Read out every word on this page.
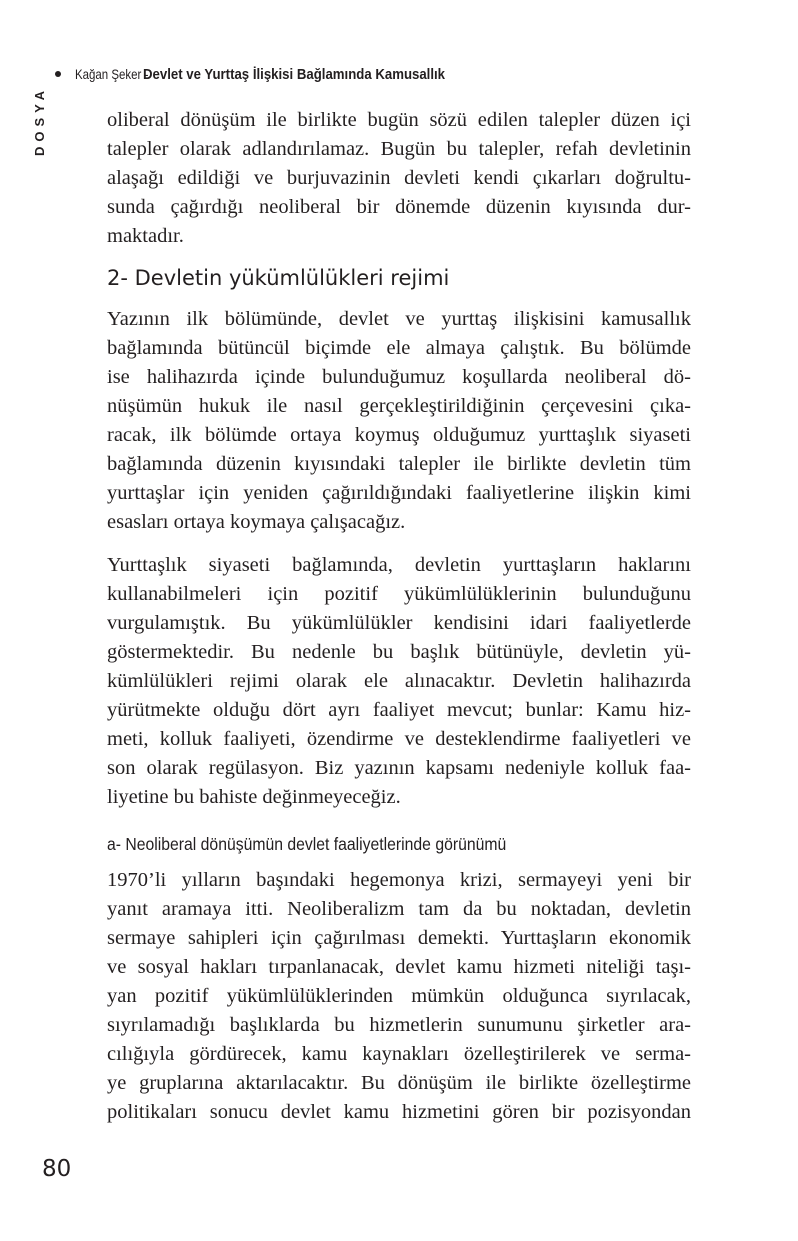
Kağan Şeker -
Devlet ve Yurttaş İlişkisi Bağlamında Kamusallık
DOSYA	oliberal dönüşüm ile birlikte bugün sözü edilen talepler düzen içi
talepler olarak adlandırılamaz. Bugün bu talepler, refah devletinin
alaşağı edildiği ve burjuvazinin devleti kendi çıkarları doğrultu-
sunda çağırdığı neoliberal bir dönemde düzenin kıyısında dur-
maktadır.
2- Devletin yükümlülükleri rejimi
Yazının ilk bölümünde, devlet ve yurttaş ilişkisini kamusallık
bağlamında bütüncül biçimde ele almaya çalıştık. Bu bölümde
ise halihazırda içinde bulunduğumuz koşullarda neoliberal dö-
nüşümün hukuk ile nasıl gerçekleştirildiğinin çerçevesini çıka-
racak, ilk bölümde ortaya koymuş olduğumuz yurttaşlık siyaseti
bağlamında düzenin kıyısındaki talepler ile birlikte devletin tüm
yurttaşlar için yeniden çağırıldığındaki faaliyetlerine ilişkin kimi
esasları ortaya koymaya çalışacağız.
Yurttaşlık siyaseti bağlamında, devletin yurttaşların haklarını
kullanabilmeleri için pozitif yükümlülüklerinin bulunduğunu
vurgulamıştık. Bu yükümlülükler kendisini idari faaliyetlerde
göstermektedir. Bu nedenle bu başlık bütünüyle, devletin yü-
kümlülükleri rejimi olarak ele alınacaktır. Devletin halihazırda
yürütmekte olduğu dört ayrı faaliyet mevcut; bunlar: Kamu hiz-
meti, kolluk faaliyeti, özendirme ve desteklendirme faaliyetleri ve
son olarak regülasyon. Biz yazının kapsamı nedeniyle kolluk faa-
liyetine bu bahiste değinmeyeceğiz.
a- Neoliberal dönüşümün devlet faaliyetlerinde görünümü
1970’li yılların başındaki hegemonya krizi, sermayeyi yeni bir
yanıt aramaya itti. Neoliberalizm tam da bu noktadan, devletin
sermaye sahipleri için çağırılması demekti. Yurttaşların ekonomik
ve sosyal hakları tırpanlanacak, devlet kamu hizmeti niteliği taşı-
yan pozitif yükümlülüklerinden mümkün olduğunca sıyrılacak,
sıyrılamadığı başlıklarda bu hizmetlerin sunumunu şirketler ara-
cılığıyla gördürecek, kamu kaynakları özelleştirilerek ve serma-
ye gruplarına aktarılacaktır. Bu dönüşüm ile birlikte özelleştirme
politikaları sonucu devlet kamu hizmetini gören bir pozisyondan
80
